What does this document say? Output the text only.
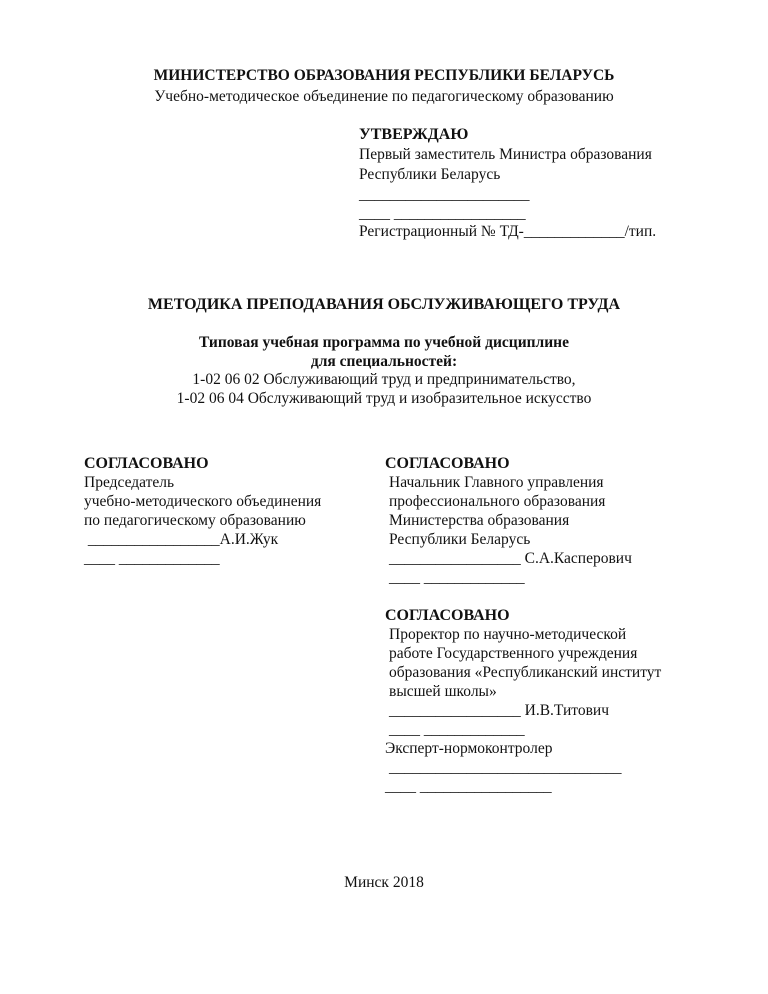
МИНИСТЕРСТВО ОБРАЗОВАНИЯ РЕСПУБЛИКИ БЕЛАРУСЬ
Учебно-методическое объединение по педагогическому образованию
УТВЕРЖДАЮ
Первый заместитель Министра образования
Республики Беларусь
______________________
____ _________________
Регистрационный № ТД-_____________/тип.
МЕТОДИКА ПРЕПОДАВАНИЯ ОБСЛУЖИВАЮЩЕГО ТРУДА
Типовая учебная программа по учебной дисциплине
для специальностей:
1-02 06 02 Обслуживающий труд и предпринимательство,
1-02 06 04 Обслуживающий труд и изобразительное искусство
СОГЛАСОВАНО
Председатель
учебно-методического объединения
по педагогическому образованию
_________________А.И.Жук
____ _____________
СОГЛАСОВАНО
Начальник Главного управления
профессионального образования
Министерства образования
Республики Беларусь
_________________ С.А.Касперович
____ _____________
СОГЛАСОВАНО
Проректор по научно-методической
работе Государственного учреждения
образования «Республиканский институт
высшей школы»
_________________ И.В.Титович
____ _____________
Эксперт-нормоконтролер
______________________________
____ _________________
Минск 2018
